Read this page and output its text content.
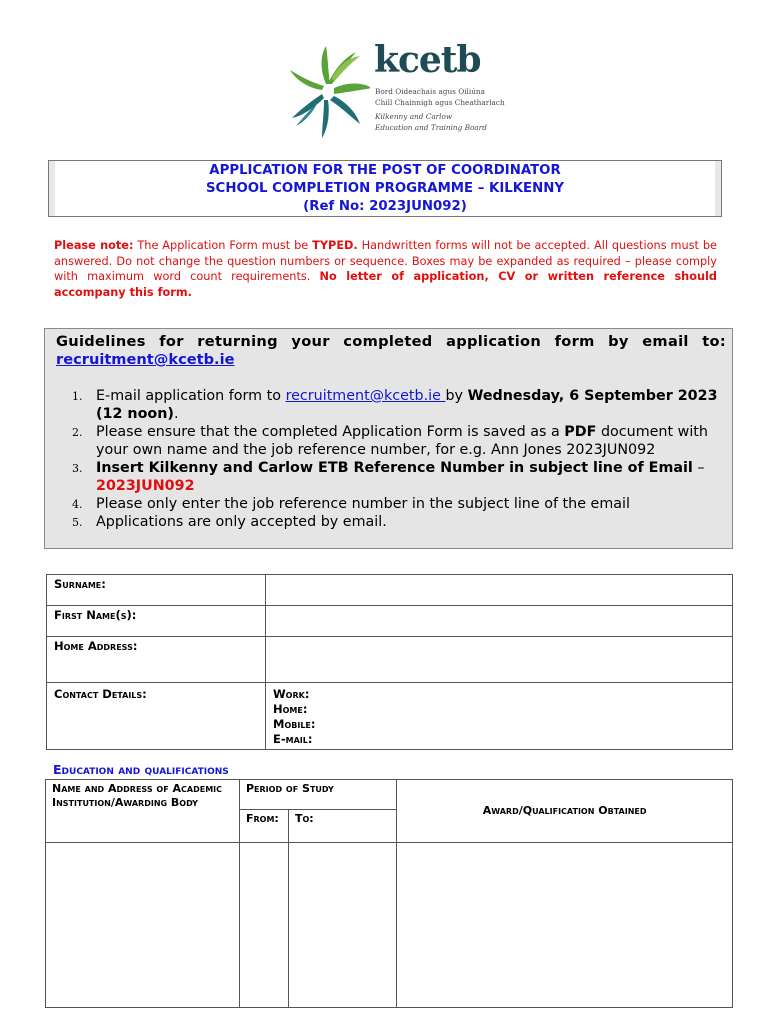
kcetb
Bord Oideachais agus Oiliúna
Chill Chainnigh agus Cheatharlach
Kilkenny and Carlow
Education and Training Board
APPLICATION FOR THE POST OF COORDINATOR
SCHOOL COMPLETION PROGRAMME – KILKENNY
(Ref No: 2023JUN092)
Please note: The Application Form must be TYPED. Handwritten forms will not be accepted. All questions must be answered. Do not change the question numbers or sequence. Boxes may be expanded as required – please comply with maximum word count requirements. No letter of application, CV or written reference should accompany this form.
Guidelines for returning your completed application form by email to:
recruitment@kcetb.ie
1. E-mail application form to recruitment@kcetb.ie by Wednesday, 6 September 2023 (12 noon).
2. Please ensure that the completed Application Form is saved as a PDF document with your own name and the job reference number, for e.g. Ann Jones 2023JUN092
3. Insert Kilkenny and Carlow ETB Reference Number in subject line of Email – 2023JUN092
4. Please only enter the job reference number in the subject line of the email
5. Applications are only accepted by email.
Surname:	
First Name(s):	
Home Address:	
Contact Details:	Work:
Home:
Mobile:
E-mail:
Education and qualifications
Name and Address of Academic Institution/Awarding Body	Period of Study		Award/Qualification Obtained
	From:	To:	
